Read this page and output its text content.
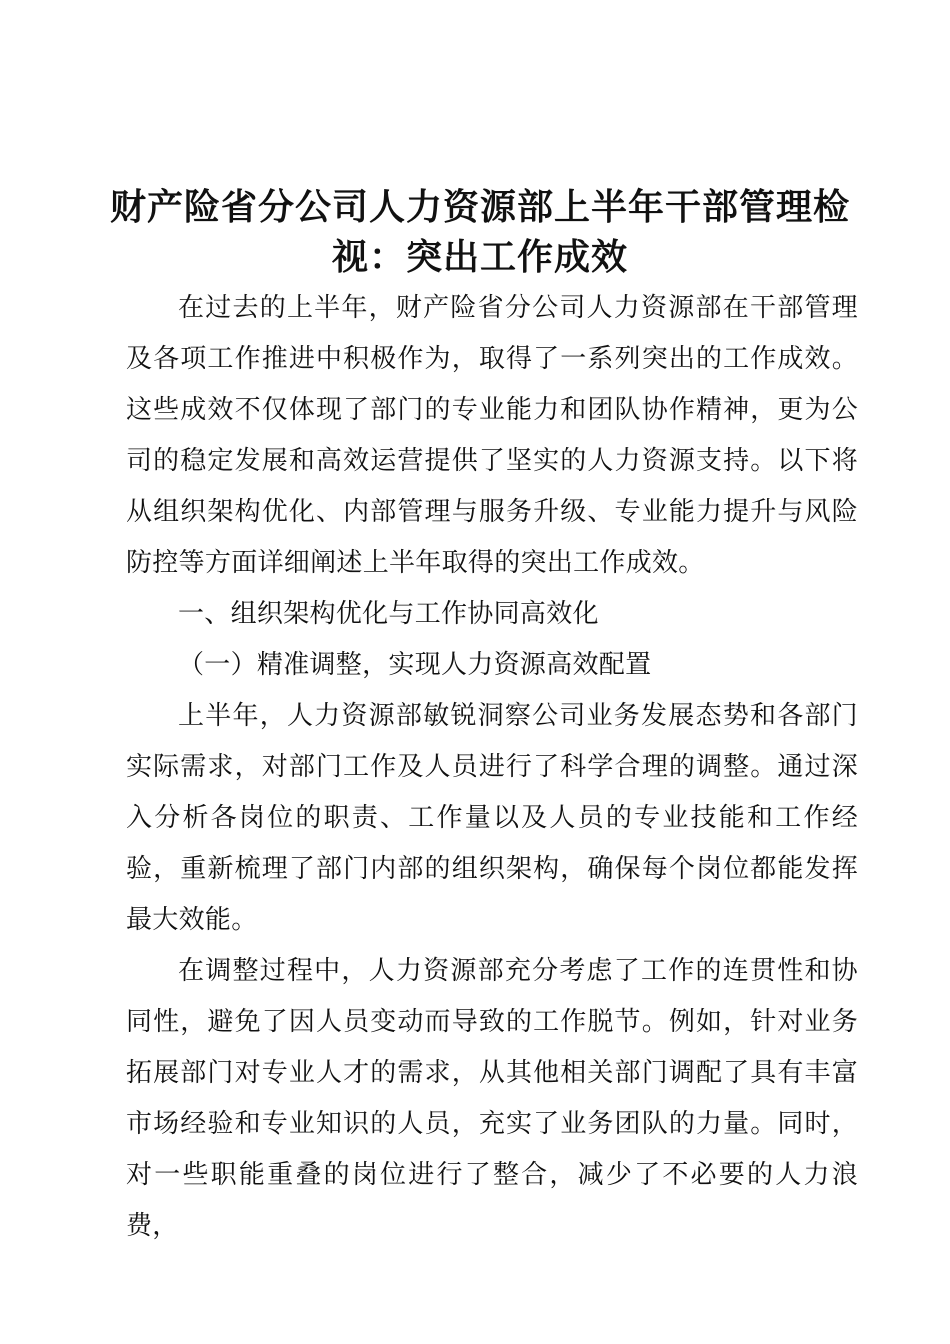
财产险省分公司人力资源部上半年干部管理检视：突出工作成效

在过去的上半年，财产险省分公司人力资源部在干部管理及各项工作推进中积极作为，取得了一系列突出的工作成效。这些成效不仅体现了部门的专业能力和团队协作精神，更为公司的稳定发展和高效运营提供了坚实的人力资源支持。以下将从组织架构优化、内部管理与服务升级、专业能力提升与风险防控等方面详细阐述上半年取得的突出工作成效。

一、组织架构优化与工作协同高效化

（一）精准调整，实现人力资源高效配置

上半年，人力资源部敏锐洞察公司业务发展态势和各部门实际需求，对部门工作及人员进行了科学合理的调整。通过深入分析各岗位的职责、工作量以及人员的专业技能和工作经验，重新梳理了部门内部的组织架构，确保每个岗位都能发挥最大效能。

在调整过程中，人力资源部充分考虑了工作的连贯性和协同性，避免了因人员变动而导致的工作脱节。例如，针对业务拓展部门对专业人才的需求，从其他相关部门调配了具有丰富市场经验和专业知识的人员，充实了业务团队的力量。同时，对一些职能重叠的岗位进行了整合，减少了不必要的人力浪费，
